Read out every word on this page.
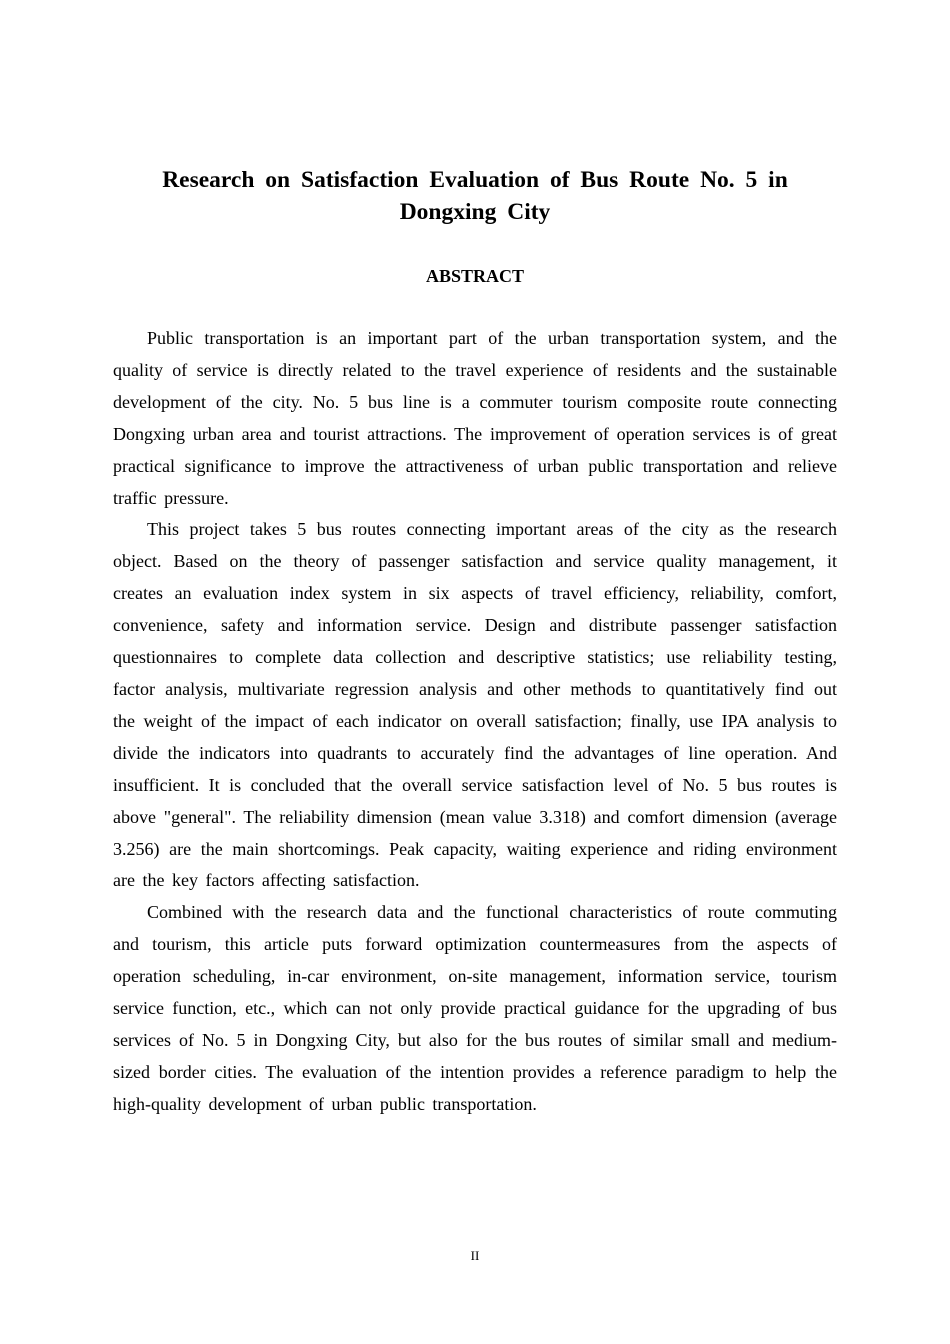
Research on Satisfaction Evaluation of Bus Route No. 5 in Dongxing City
ABSTRACT

Public transportation is an important part of the urban transportation system, and the quality of service is directly related to the travel experience of residents and the sustainable development of the city. No. 5 bus line is a commuter tourism composite route connecting Dongxing urban area and tourist attractions. The improvement of operation services is of great practical significance to improve the attractiveness of urban public transportation and relieve traffic pressure.

This project takes 5 bus routes connecting important areas of the city as the research object. Based on the theory of passenger satisfaction and service quality management, it creates an evaluation index system in six aspects of travel efficiency, reliability, comfort, convenience, safety and information service. Design and distribute passenger satisfaction questionnaires to complete data collection and descriptive statistics; use reliability testing, factor analysis, multivariate regression analysis and other methods to quantitatively find out the weight of the impact of each indicator on overall satisfaction; finally, use IPA analysis to divide the indicators into quadrants to accurately find the advantages of line operation. And insufficient. It is concluded that the overall service satisfaction level of No. 5 bus routes is above "general". The reliability dimension (mean value 3.318) and comfort dimension (average 3.256) are the main shortcomings. Peak capacity, waiting experience and riding environment are the key factors affecting satisfaction.

Combined with the research data and the functional characteristics of route commuting and tourism, this article puts forward optimization countermeasures from the aspects of operation scheduling, in-car environment, on-site management, information service, tourism service function, etc., which can not only provide practical guidance for the upgrading of bus services of No. 5 in Dongxing City, but also for the bus routes of similar small and medium-sized border cities. The evaluation of the intention provides a reference paradigm to help the high-quality development of urban public transportation.

II
